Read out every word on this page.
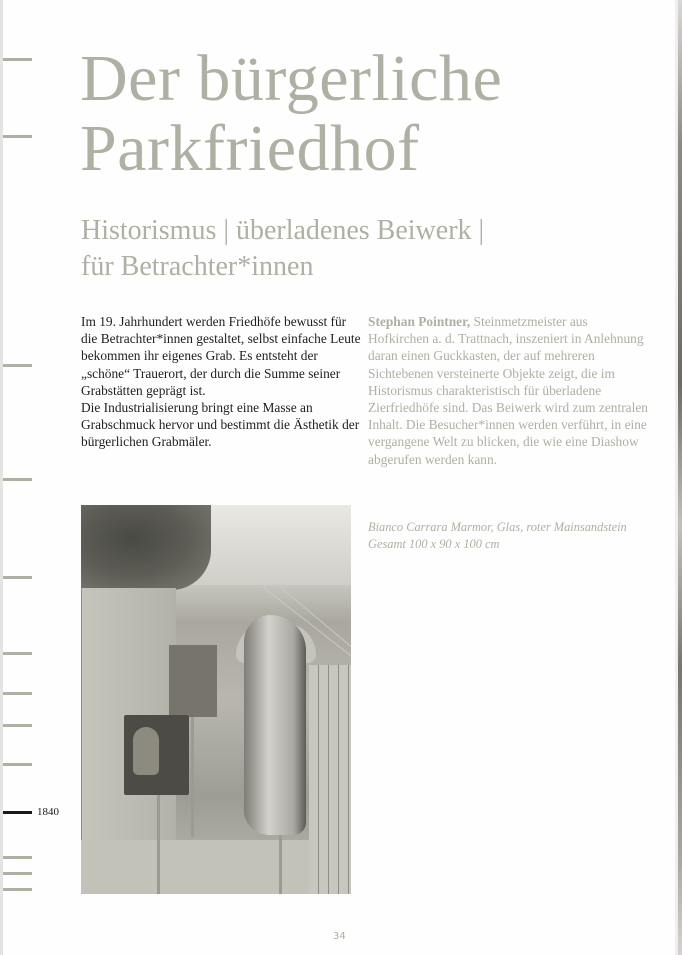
1840
Der bürgerliche
Parkfriedhof
Historismus | überladenes Beiwerk |
für Betrachter*innen

Im 19. Jahrhundert werden Friedhöfe bewusst für die Betrachter*innen gestaltet, selbst einfache Leute bekommen ihr eigenes Grab. Es entsteht der „schöne“ Trauerort, der durch die Summe seiner Grabstätten geprägt ist.

Die Industrialisierung bringt eine Masse an Grabschmuck hervor und bestimmt die Ästhetik der bürgerlichen Grabmäler.

Stephan Pointner, Steinmetzmeister aus Hofkirchen a. d. Trattnach, inszeniert in Anlehnung daran einen Guckkasten, der auf mehreren Sichtebenen versteinerte Objekte zeigt, die im Historismus charakteristisch für überladene Zierfriedhöfe sind. Das Beiwerk wird zum zentralen Inhalt. Die Besucher*innen werden verführt, in eine vergangene Welt zu blicken, die wie eine Diashow abgerufen werden kann.

Bianco Carrara Marmor, Glas, roter Mainsandstein

Gesamt 100 x 90 x 100 cm

34
